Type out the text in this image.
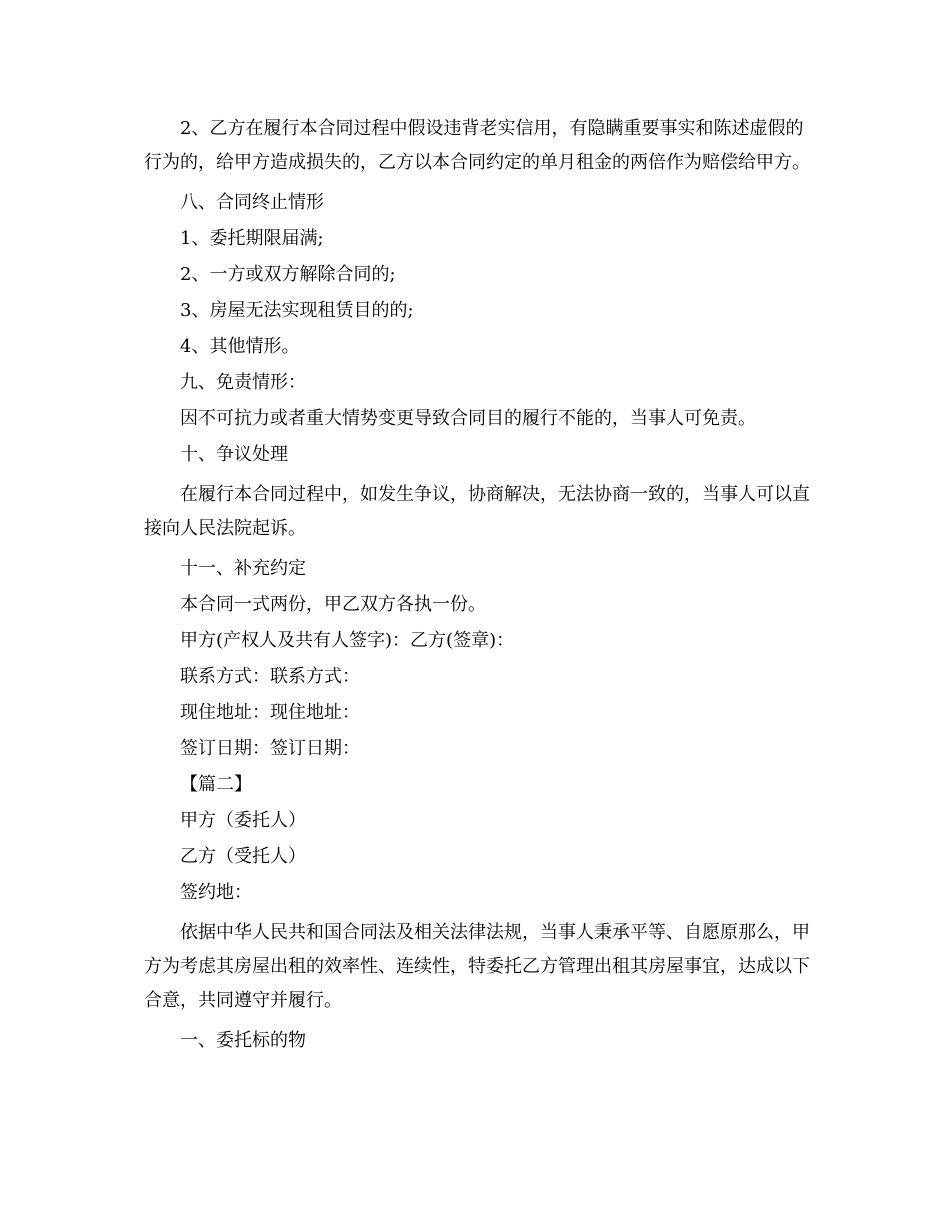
2、乙方在履行本合同过程中假设违背老实信用，有隐瞒重要事实和陈述虚假的行为的，给甲方造成损失的，乙方以本合同约定的单月租金的两倍作为赔偿给甲方。

八、合同终止情形

1、委托期限届满;

2、一方或双方解除合同的;

3、房屋无法实现租赁目的的;

4、其他情形。

九、免责情形：

因不可抗力或者重大情势变更导致合同目的履行不能的，当事人可免责。

十、争议处理

在履行本合同过程中，如发生争议，协商解决，无法协商一致的，当事人可以直接向人民法院起诉。

十一、补充约定

本合同一式两份，甲乙双方各执一份。

甲方(产权人及共有人签字)：乙方(签章)：

联系方式：联系方式：

现住地址：现住地址：

签订日期：签订日期：

【篇二】

甲方（委托人）

乙方（受托人）

签约地：

依据中华人民共和国合同法及相关法律法规，当事人秉承平等、自愿原那么，甲方为考虑其房屋出租的效率性、连续性，特委托乙方管理出租其房屋事宜，达成以下合意，共同遵守并履行。

一、委托标的物
